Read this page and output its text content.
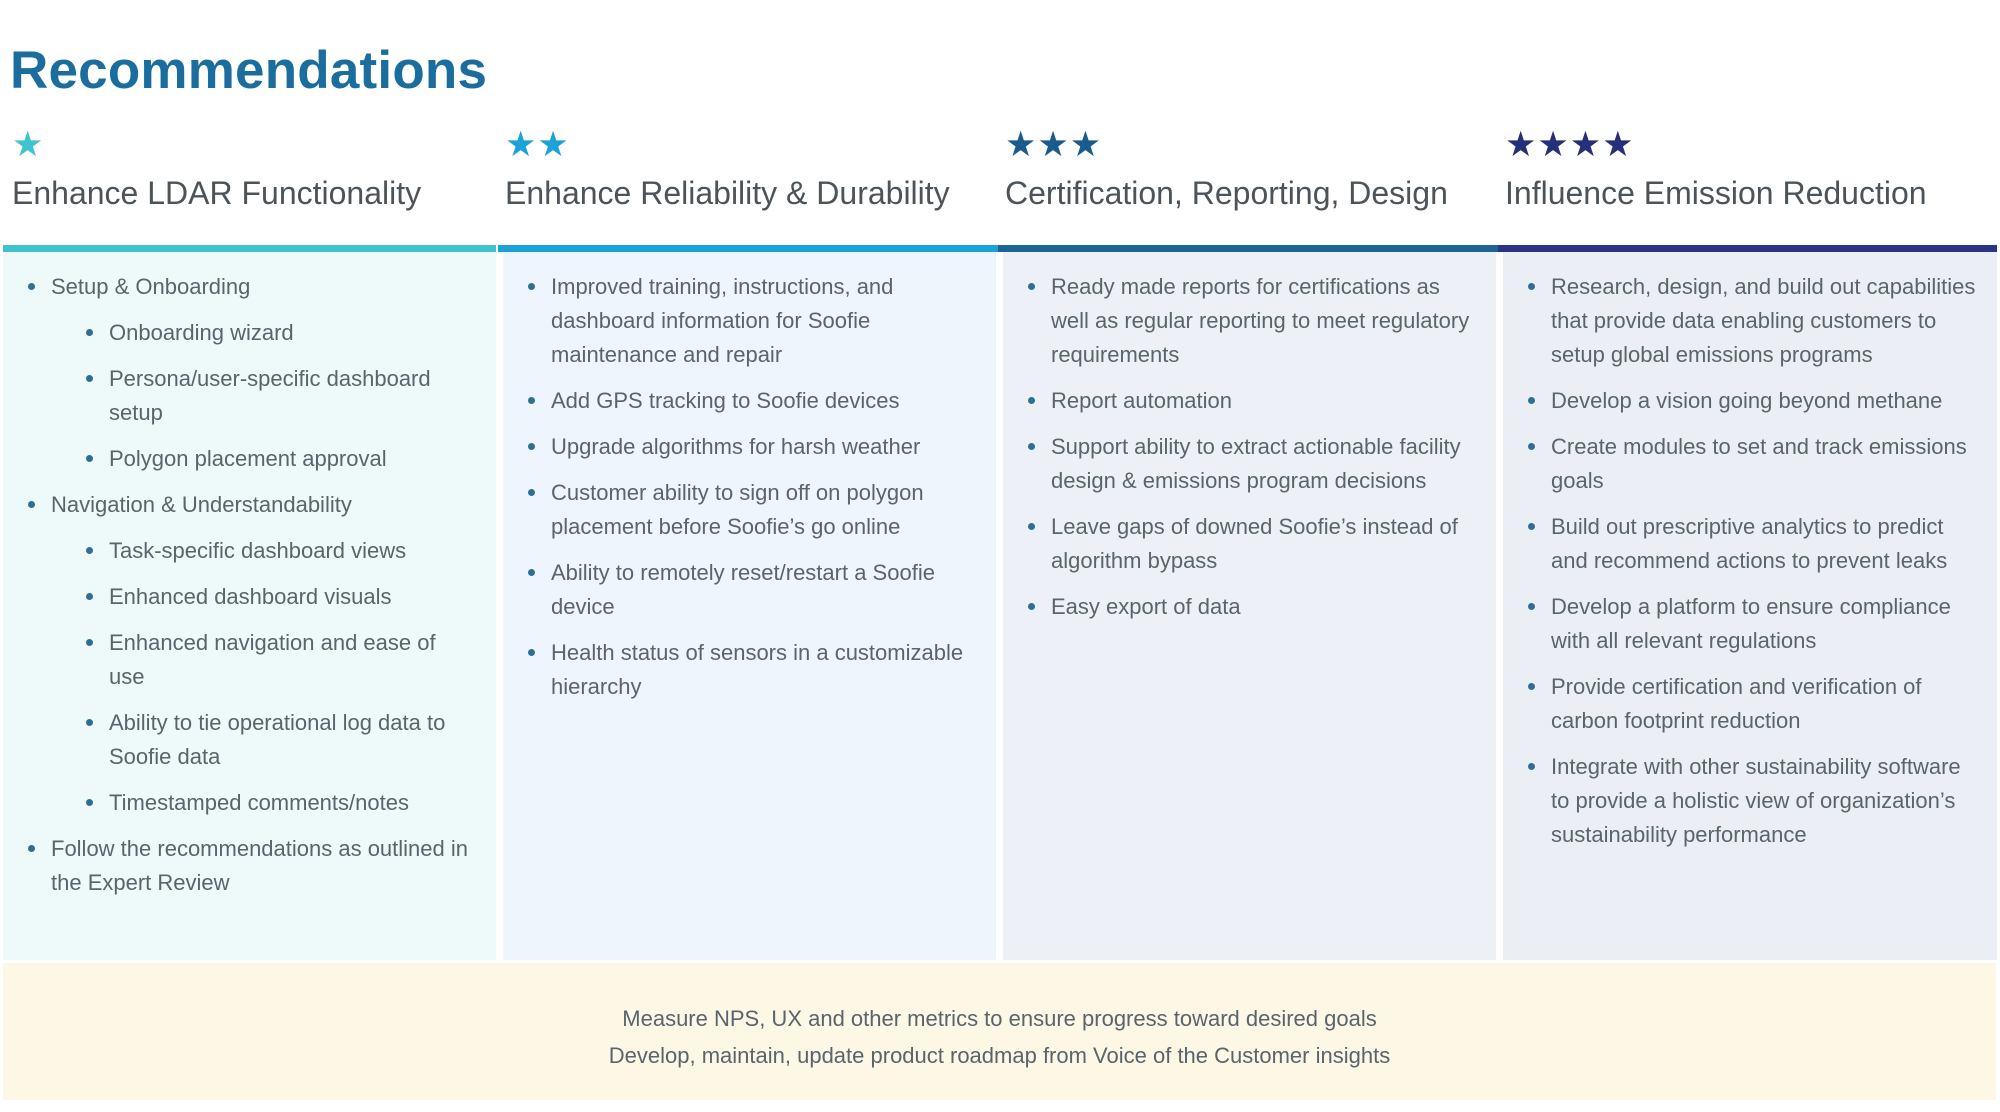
Recommendations
★
Enhance LDAR Functionality
Setup & Onboarding
Onboarding wizard
Persona/user-specific dashboard setup
Polygon placement approval
Navigation & Understandability
Task-specific dashboard views
Enhanced dashboard visuals
Enhanced navigation and ease of use
Ability to tie operational log data to Soofie data
Timestamped comments/notes
Follow the recommendations as outlined in the Expert Review
★★
Enhance Reliability & Durability
Improved training, instructions, and dashboard information for Soofie maintenance and repair
Add GPS tracking to Soofie devices
Upgrade algorithms for harsh weather
Customer ability to sign off on polygon placement before Soofie’s go online
Ability to remotely reset/restart a Soofie device
Health status of sensors in a customizable hierarchy
★★★
Certification, Reporting, Design
Ready made reports for certifications as well as regular reporting to meet regulatory requirements
Report automation
Support ability to extract actionable facility design & emissions program decisions
Leave gaps of downed Soofie’s instead of algorithm bypass
Easy export of data
★★★★
Influence Emission Reduction
Research, design, and build out capabilities that provide data enabling customers to setup global emissions programs
Develop a vision going beyond methane
Create modules to set and track emissions goals
Build out prescriptive analytics to predict and recommend actions to prevent leaks
Develop a platform to ensure compliance with all relevant regulations
Provide certification and verification of carbon footprint reduction
Integrate with other sustainability software to provide a holistic view of organization’s sustainability performance

Measure NPS, UX and other metrics to ensure progress toward desired goals

Develop, maintain, update product roadmap from Voice of the Customer insights
